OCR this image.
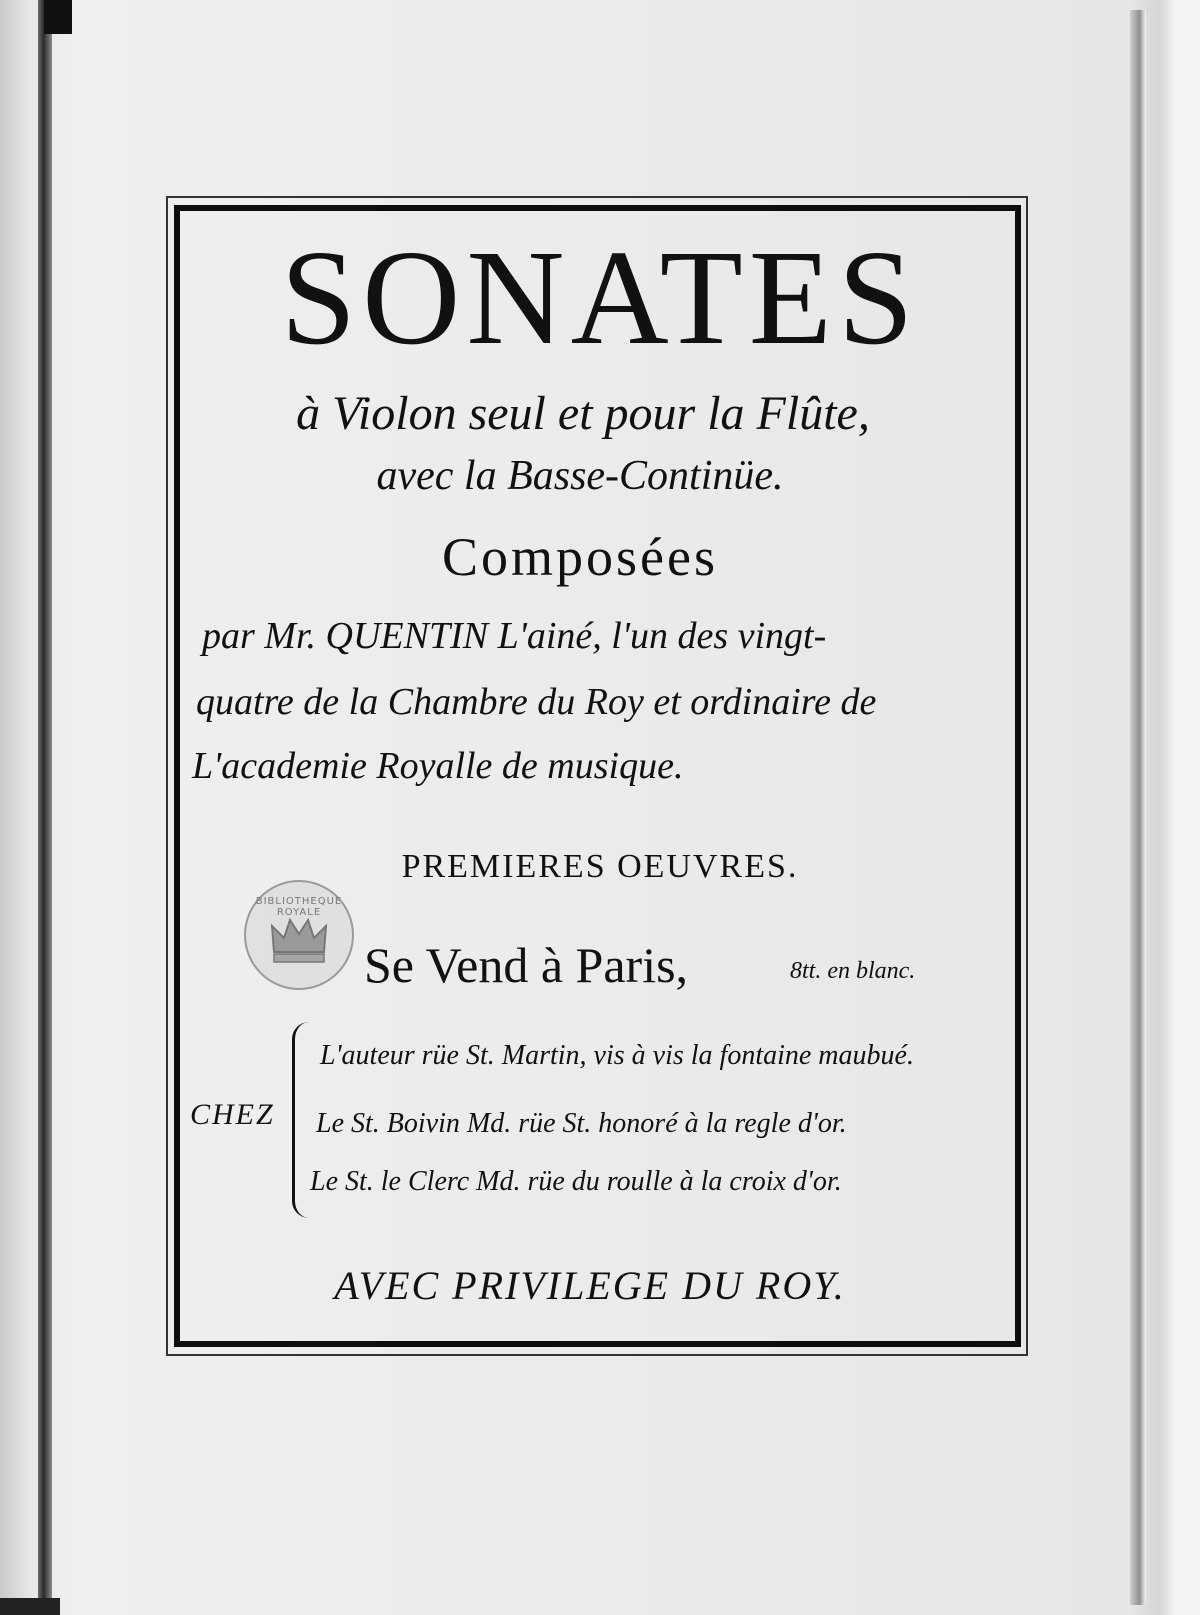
SONATES
à Violon seul et pour la Flûte,
avec la Basse-Continüe.
Composées
par Mr. QUENTIN L'ainé, l'un des vingt-
quatre de la Chambre du Roy et ordinaire de
L'academie Royalle de musique.
PREMIERES OEUVRES.
BIBLIOTHEQUE ROYALE
Se Vend à Paris,	8tt. en blanc.
CHEZ
L'auteur rüe St. Martin, vis à vis la fontaine maubué.
Le St. Boivin Md. rüe St. honoré à la regle d'or.
Le St. le Clerc Md. rüe du roulle à la croix d'or.
AVEC PRIVILEGE DU ROY.
